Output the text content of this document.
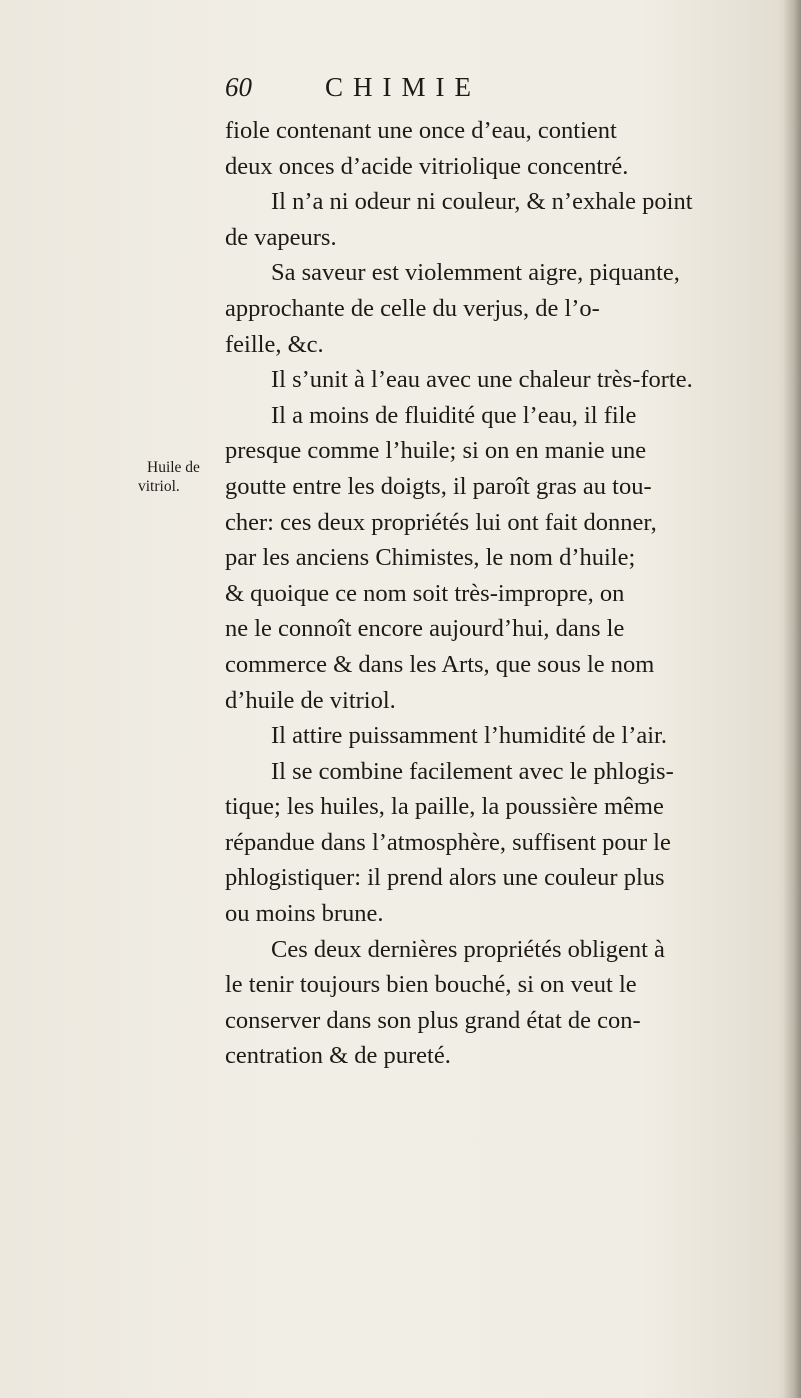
60	CHIMIE
Huile de
vitriol.
fiole contenant une once d’eau, contient
deux onces d’acide vitriolique concentré.
Il n’a ni odeur ni couleur, & n’exhale point
de vapeurs.
Sa saveur est violemment aigre, piquante,
approchante de celle du verjus, de l’o-
feille, &c.
Il s’unit à l’eau avec une chaleur très-forte.
Il a moins de fluidité que l’eau, il file
presque comme l’huile; si on en manie une
goutte entre les doigts, il paroît gras au tou-
cher: ces deux propriétés lui ont fait donner,
par les anciens Chimistes, le nom d’huile;
& quoique ce nom soit très-impropre, on
ne le connoît encore aujourd’hui, dans le
commerce & dans les Arts, que sous le nom
d’huile de vitriol.
Il attire puissamment l’humidité de l’air.
Il se combine facilement avec le phlogis-
tique; les huiles, la paille, la poussière même
répandue dans l’atmosphère, suffisent pour le
phlogistiquer: il prend alors une couleur plus
ou moins brune.
Ces deux dernières propriétés obligent à
le tenir toujours bien bouché, si on veut le
conserver dans son plus grand état de con-
centration & de pureté.
